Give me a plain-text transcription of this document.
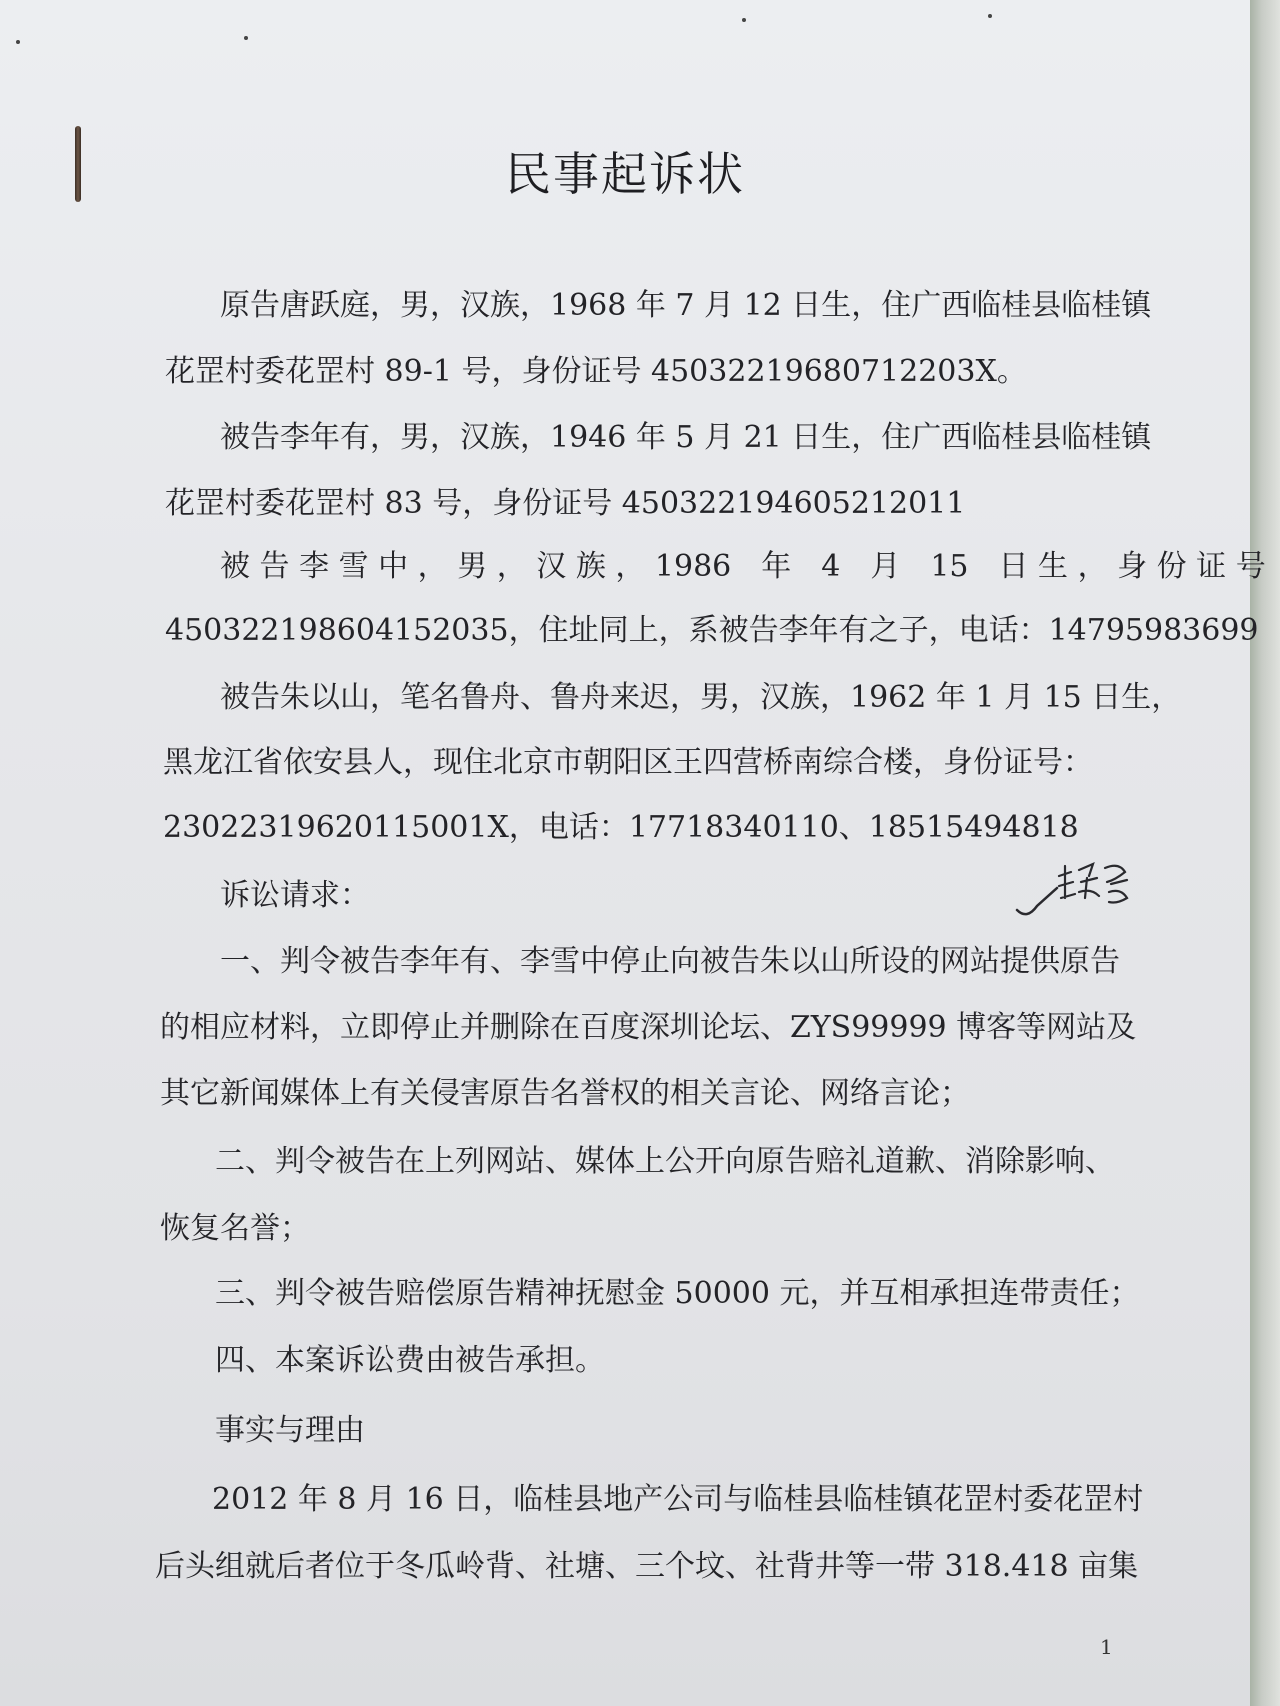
民事起诉状
原告唐跃庭，男，汉族，1968 年 7 月 12 日生，住广西临桂县临桂镇
花罡村委花罡村 89-1 号，身份证号 45032219680712203X。
被告李年有，男，汉族，1946 年 5 月 21 日生，住广西临桂县临桂镇
花罡村委花罡村 83 号，身份证号 450322194605212011
被 告 李 雪 中 ， 男 ， 汉 族 ， 1986　年　4　月　15　日 生 ， 身 份 证 号
450322198604152035，住址同上，系被告李年有之子，电话：14795983699
被告朱以山，笔名鲁舟、鲁舟来迟，男，汉族，1962 年 1 月 15 日生，
黑龙江省依安县人，现住北京市朝阳区王四营桥南综合楼，身份证号：
23022319620115001X，电话：17718340110、18515494818
诉讼请求：
一、判令被告李年有、李雪中停止向被告朱以山所设的网站提供原告
的相应材料，立即停止并删除在百度深圳论坛、ZYS99999 博客等网站及
其它新闻媒体上有关侵害原告名誉权的相关言论、网络言论；
二、判令被告在上列网站、媒体上公开向原告赔礼道歉、消除影响、
恢复名誉；
三、判令被告赔偿原告精神抚慰金 50000 元，并互相承担连带责任；
四、本案诉讼费由被告承担。
事实与理由
2012 年 8 月 16 日，临桂县地产公司与临桂县临桂镇花罡村委花罡村
后头组就后者位于冬瓜岭背、社塘、三个坟、社背井等一带 318.418 亩集
1
